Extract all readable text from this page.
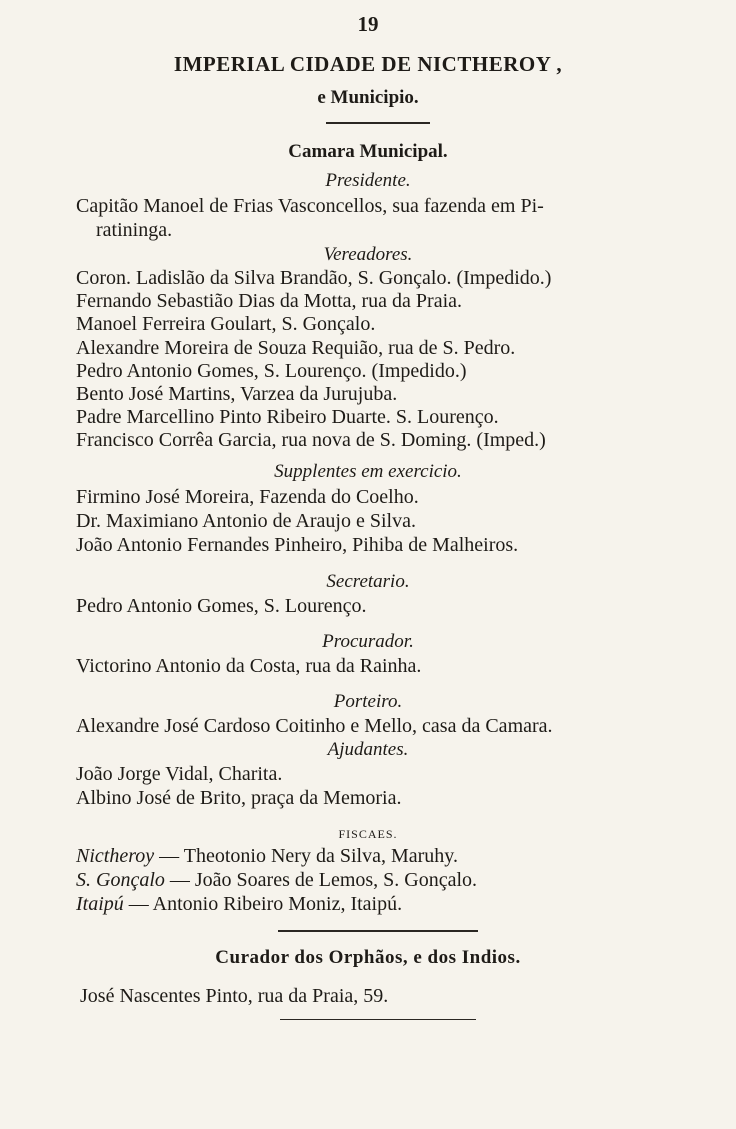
19
IMPERIAL CIDADE DE NICTHEROY ,
e Municipio.
Camara Municipal.
Presidente.
Capitão Manoel de Frias Vasconcellos, sua fazenda em Pi-
ratininga.
Vereadores.
Coron. Ladislão da Silva Brandão, S. Gonçalo. (Impedido.)
Fernando Sebastião Dias da Motta, rua da Praia.
Manoel Ferreira Goulart, S. Gonçalo.
Alexandre Moreira de Souza Requião, rua de S. Pedro.
Pedro Antonio Gomes, S. Lourenço. (Impedido.)
Bento José Martins, Varzea da Jurujuba.
Padre Marcellino Pinto Ribeiro Duarte. S. Lourenço.
Francisco Corrêa Garcia, rua nova de S. Doming. (Imped.)
Supplentes em exercicio.
Firmino José Moreira, Fazenda do Coelho.
Dr. Maximiano Antonio de Araujo e Silva.
João Antonio Fernandes Pinheiro, Pihiba de Malheiros.
Secretario.
Pedro Antonio Gomes, S. Lourenço.
Procurador.
Victorino Antonio da Costa, rua da Rainha.
Porteiro.
Alexandre José Cardoso Coitinho e Mello, casa da Camara.
Ajudantes.
João Jorge Vidal, Charita.
Albino José de Brito, praça da Memoria.
FISCAES.
Nictheroy — Theotonio Nery da Silva, Maruhy.
S. Gonçalo — João Soares de Lemos, S. Gonçalo.
Itaipú — Antonio Ribeiro Moniz, Itaipú.
Curador dos Orphãos, e dos Indios.
José Nascentes Pinto, rua da Praia, 59.
